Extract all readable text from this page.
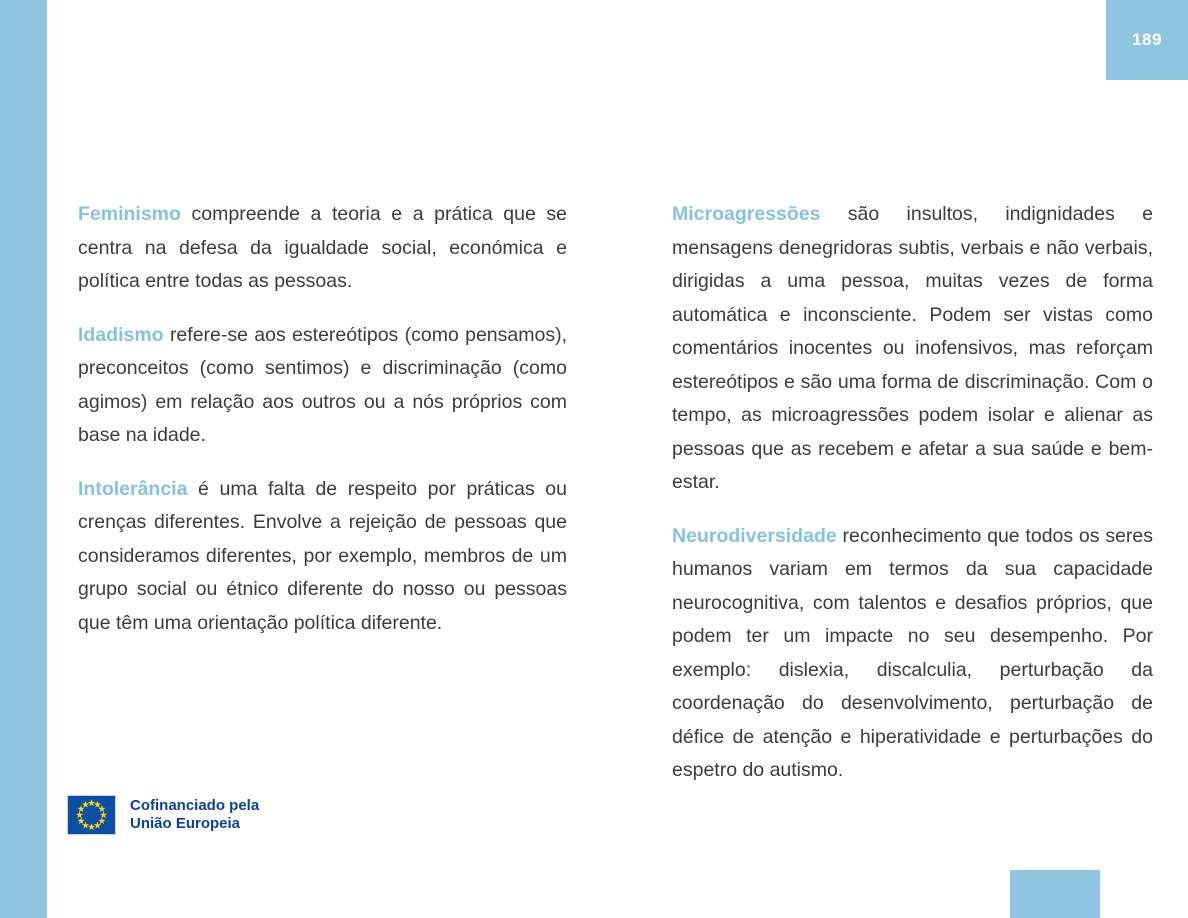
189

Feminismo compreende a teoria e a prática que se centra na defesa da igualdade social, económica e política entre todas as pessoas.

Idadismo refere-se aos estereótipos (como pensamos), preconceitos (como sentimos) e discriminação (como agimos) em relação aos outros ou a nós próprios com base na idade.

Intolerância é uma falta de respeito por práticas ou crenças diferentes. Envolve a rejeição de pessoas que consideramos diferentes, por exemplo, membros de um grupo social ou étnico diferente do nosso ou pessoas que têm uma orientação política diferente.

Microagressões são insultos, indignidades e mensagens denegridoras subtis, verbais e não verbais, dirigidas a uma pessoa, muitas vezes de forma automática e inconsciente. Podem ser vistas como comentários inocentes ou inofensivos, mas reforçam estereótipos e são uma forma de discriminação. Com o tempo, as microagressões podem isolar e alienar as pessoas que as recebem e afetar a sua saúde e bem-estar.

Neurodiversidade reconhecimento que todos os seres humanos variam em termos da sua capacidade neurocognitiva, com talentos e desafios próprios, que podem ter um impacte no seu desempenho. Por exemplo: dislexia, discalculia, perturbação da coordenação do desenvolvimento, perturbação de défice de atenção e hiperatividade e perturbações do espetro do autismo.

Cofinanciado pela
União Europeia
